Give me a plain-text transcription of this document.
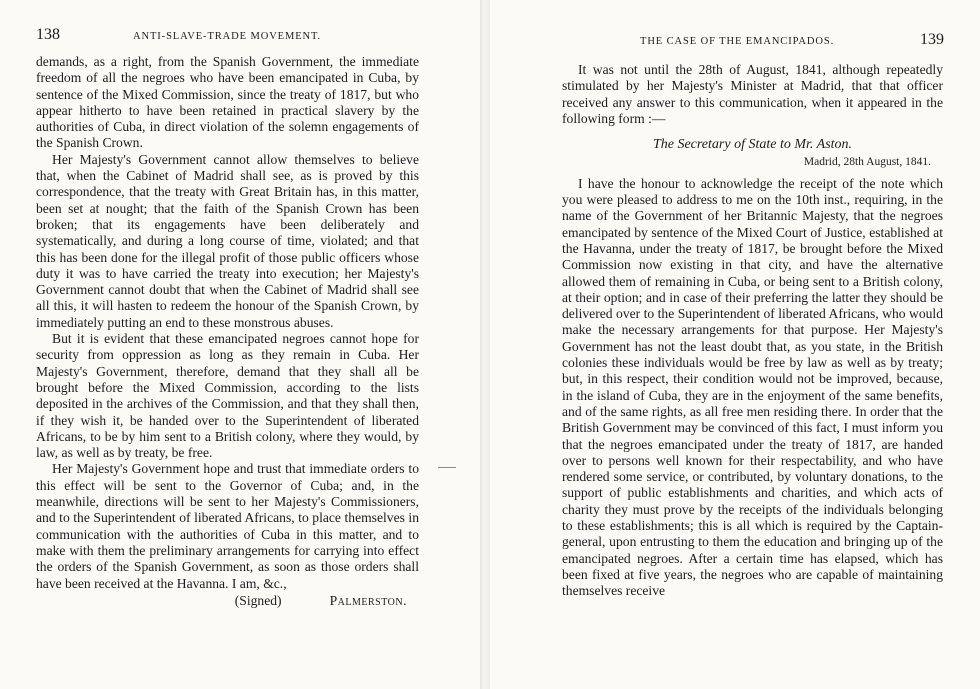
138	ANTI-SLAVE-TRADE MOVEMENT.

demands, as a right, from the Spanish Government, the immediate freedom of all the negroes who have been emancipated in Cuba, by sentence of the Mixed Commission, since the treaty of 1817, but who appear hitherto to have been retained in practical slavery by the authorities of Cuba, in direct violation of the solemn engagements of the Spanish Crown.

Her Majesty's Government cannot allow themselves to believe that, when the Cabinet of Madrid shall see, as is proved by this correspondence, that the treaty with Great Britain has, in this matter, been set at nought; that the faith of the Spanish Crown has been broken; that its engagements have been deliberately and systematically, and during a long course of time, violated; and that this has been done for the illegal profit of those public officers whose duty it was to have carried the treaty into execution; her Majesty's Government cannot doubt that when the Cabinet of Madrid shall see all this, it will hasten to redeem the honour of the Spanish Crown, by immediately putting an end to these monstrous abuses.

But it is evident that these emancipated negroes cannot hope for security from oppression as long as they remain in Cuba. Her Majesty's Government, therefore, demand that they shall all be brought before the Mixed Commission, according to the lists deposited in the archives of the Commission, and that they shall then, if they wish it, be handed over to the Superintendent of liberated Africans, to be by him sent to a British colony, where they would, by law, as well as by treaty, be free.

Her Majesty's Government hope and trust that immediate orders to this effect will be sent to the Governor of Cuba; and, in the meanwhile, directions will be sent to her Majesty's Commissioners, and to the Superintendent of liberated Africans, to place themselves in communication with the authorities of Cuba in this matter, and to make with them the preliminary arrangements for carrying into effect the orders of the Spanish Government, as soon as those orders shall have been received at the Havanna. I am, &c.,

(Signed)	Palmerston.
THE CASE OF THE EMANCIPADOS.	139

It was not until the 28th of August, 1841, although repeatedly stimulated by her Majesty's Minister at Madrid, that that officer received any answer to this communication, when it appeared in the following form :—

The Secretary of State to Mr. Aston.
Madrid, 28th August, 1841.

I have the honour to acknowledge the receipt of the note which you were pleased to address to me on the 10th inst., requiring, in the name of the Government of her Britannic Majesty, that the negroes emancipated by sentence of the Mixed Court of Justice, established at the Havanna, under the treaty of 1817, be brought before the Mixed Commission now existing in that city, and have the alternative allowed them of remaining in Cuba, or being sent to a British colony, at their option; and in case of their preferring the latter they should be delivered over to the Superintendent of liberated Africans, who would make the necessary arrangements for that purpose. Her Majesty's Government has not the least doubt that, as you state, in the British colonies these individuals would be free by law as well as by treaty; but, in this respect, their condition would not be improved, because, in the island of Cuba, they are in the enjoyment of the same benefits, and of the same rights, as all free men residing there. In order that the British Government may be convinced of this fact, I must inform you that the negroes emancipated under the treaty of 1817, are handed over to persons well known for their respectability, and who have rendered some service, or contributed, by voluntary donations, to the support of public establishments and charities, and which acts of charity they must prove by the receipts of the individuals belonging to these establishments; this is all which is required by the Captain-general, upon entrusting to them the education and bringing up of the emancipated negroes. After a certain time has elapsed, which has been fixed at five years, the negroes who are capable of maintaining themselves receive
